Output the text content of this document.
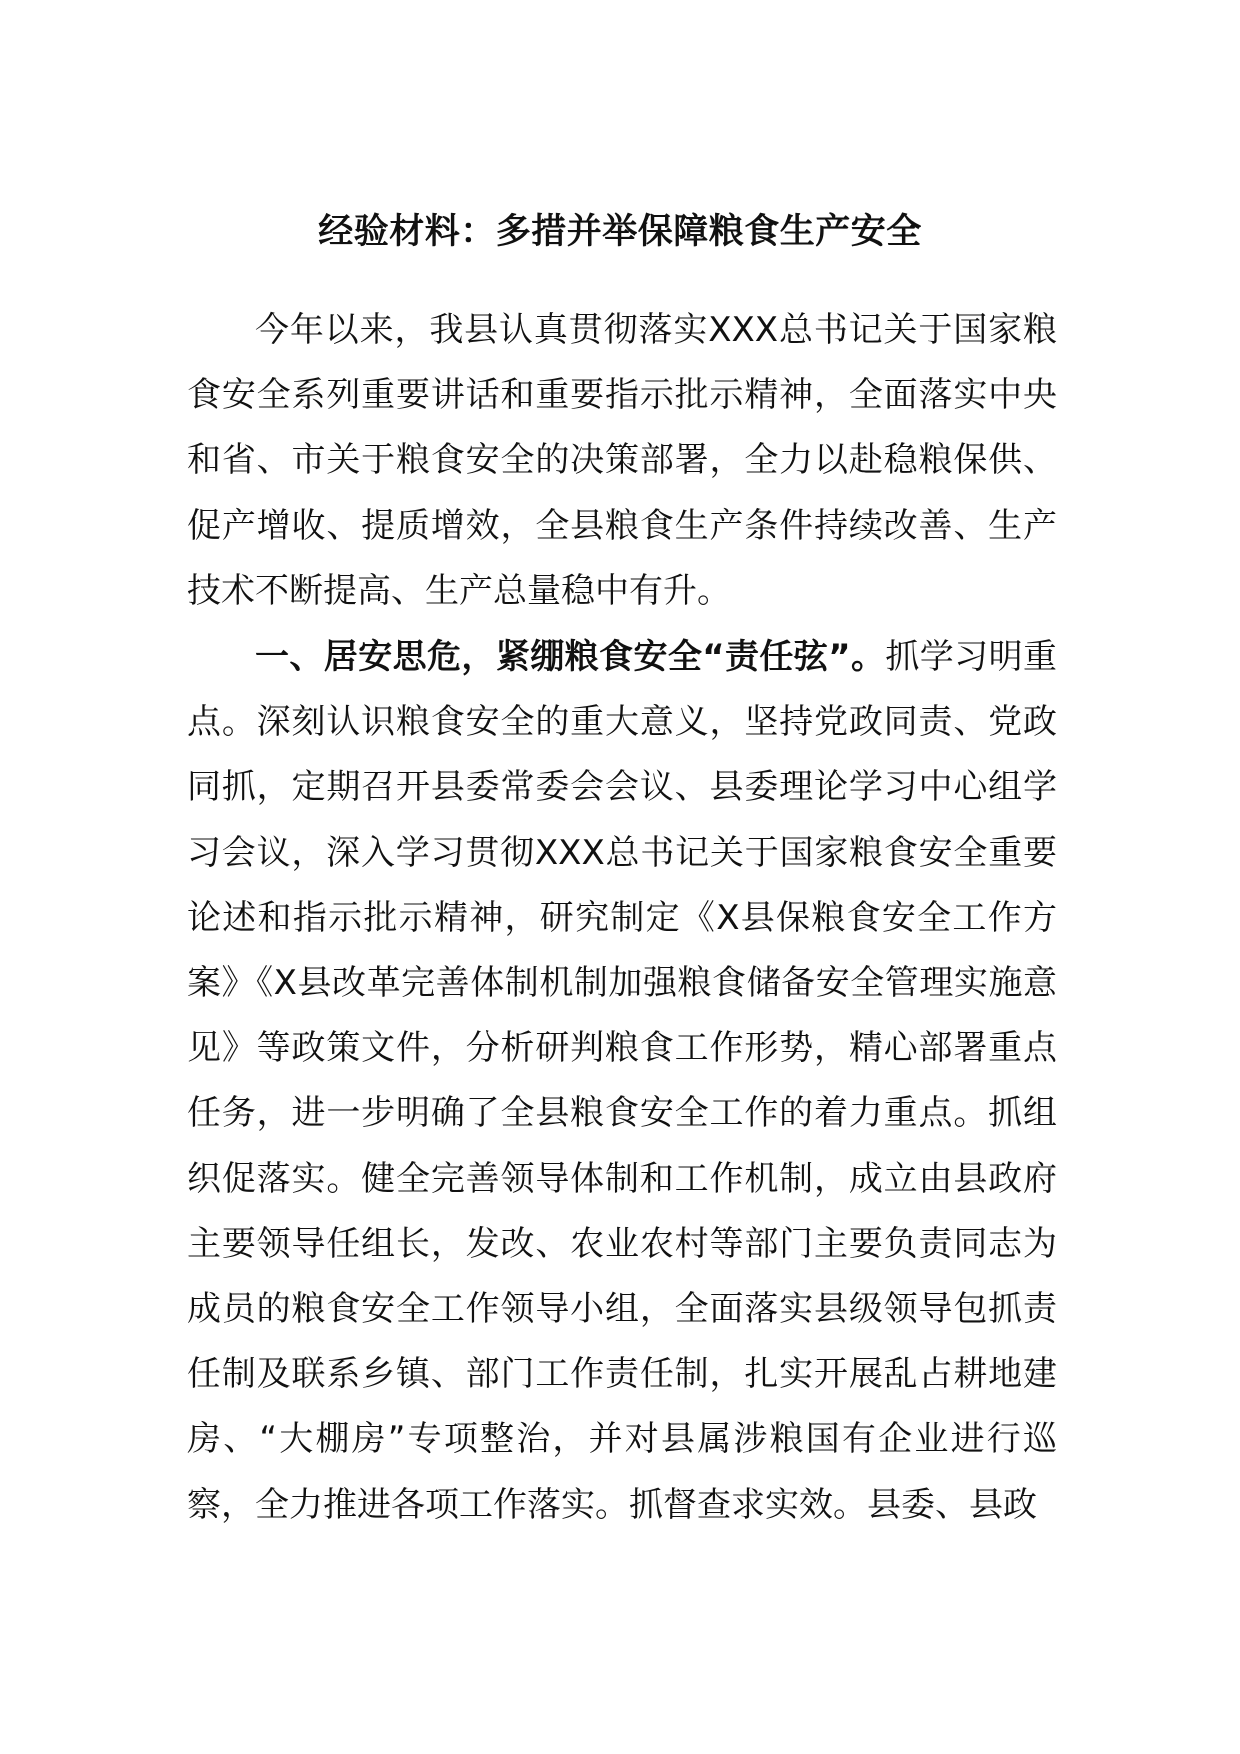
经验材料：多措并举保障粮食生产安全

今年以来，我县认真贯彻落实XXX总书记关于国家粮食安全系列重要讲话和重要指示批示精神，全面落实中央和省、市关于粮食安全的决策部署，全力以赴稳粮保供、促产增收、提质增效，全县粮食生产条件持续改善、生产技术不断提高、生产总量稳中有升。

一、居安思危，紧绷粮食安全“责任弦”。抓学习明重点。深刻认识粮食安全的重大意义，坚持党政同责、党政同抓，定期召开县委常委会会议、县委理论学习中心组学习会议，深入学习贯彻XXX总书记关于国家粮食安全重要论述和指示批示精神，研究制定《X县保粮食安全工作方案》《X县改革完善体制机制加强粮食储备安全管理实施意见》等政策文件，分析研判粮食工作形势，精心部署重点任务，进一步明确了全县粮食安全工作的着力重点。抓组织促落实。健全完善领导体制和工作机制，成立由县政府主要领导任组长，发改、农业农村等部门主要负责同志为成员的粮食安全工作领导小组，全面落实县级领导包抓责任制及联系乡镇、部门工作责任制，扎实开展乱占耕地建房、“大棚房”专项整治，并对县属涉粮国有企业进行巡察，全力推进各项工作落实。抓督查求实效。县委、县政
